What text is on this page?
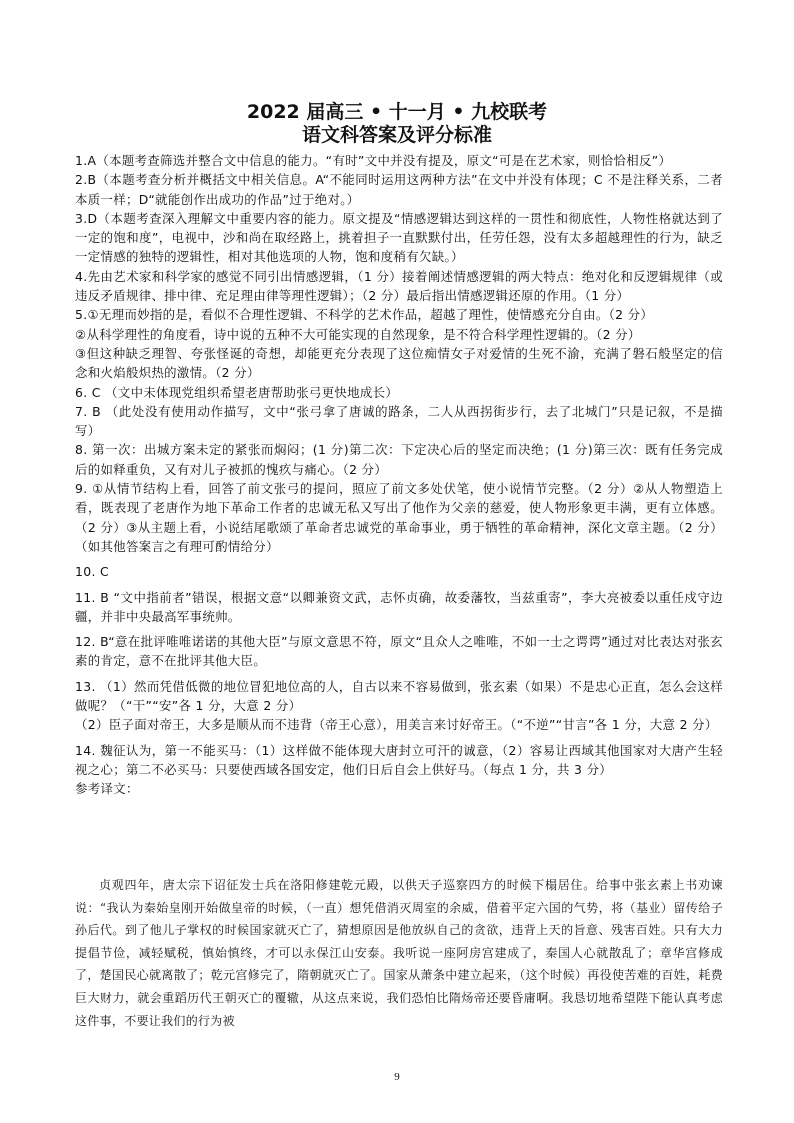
2022 届高三 • 十一月 • 九校联考
语文科答案及评分标准

1.A（本题考查筛选并整合文中信息的能力。“有时”文中并没有提及，原文“可是在艺术家，则恰恰相反”）

2.B（本题考查分析并概括文中相关信息。A“不能同时运用这两种方法”在文中并没有体现；C 不是注释关系，二者本质一样；D“就能创作出成功的作品”过于绝对。）

3.D（本题考查深入理解文中重要内容的能力。原文提及“情感逻辑达到这样的一贯性和彻底性，人物性格就达到了一定的饱和度”，电视中，沙和尚在取经路上，挑着担子一直默默付出，任劳任怨，没有太多超越理性的行为，缺乏一定情感的独特的逻辑性，相对其他选项的人物，饱和度稍有欠缺。）

4.先由艺术家和科学家的感觉不同引出情感逻辑，（1 分）接着阐述情感逻辑的两大特点：绝对化和反逻辑规律（或违反矛盾规律、排中律、充足理由律等理性逻辑）；（2 分）最后指出情感逻辑还原的作用。（1 分）

5.①无理而妙指的是，看似不合理性逻辑、不科学的艺术作品，超越了理性，使情感充分自由。（2 分）

②从科学理性的角度看，诗中说的五种不大可能实现的自然现象，是不符合科学理性逻辑的。（2 分）

③但这种缺乏理智、夸张怪诞的奇想，却能更充分表现了这位痴情女子对爱情的生死不渝，充满了磐石般坚定的信念和火焰般炽热的激情。（2 分）

6. C （文中未体现党组织希望老唐帮助张弓更快地成长）

7. B （此处没有使用动作描写，文中“张弓拿了唐诚的路条，二人从西拐街步行，去了北城门”只是记叙，不是描写）

8. 第一次：出城方案未定的紧张而焖闷；(1 分)第二次：下定决心后的坚定而决绝；(1 分)第三次：既有任务完成后的如释重负，又有对儿子被抓的愧疚与痛心。（2 分）

9. ①从情节结构上看，回答了前文张弓的提问，照应了前文多处伏笔，使小说情节完整。（2 分）②从人物塑造上看，既表现了老唐作为地下革命工作者的忠诚无私又写出了他作为父亲的慈爱，使人物形象更丰满，更有立体感。（2 分）③从主题上看，小说结尾歌颂了革命者忠诚党的革命事业，勇于牺牲的革命精神，深化文章主题。（2 分）（如其他答案言之有理可酌情给分）

10. C

11. B “文中指前者”错误，根据文意“以卿兼资文武，志怀贞确，故委藩牧，当兹重寄”，李大亮被委以重任戍守边疆，并非中央最高军事统帅。

12. B“意在批评唯唯诺诺的其他大臣”与原文意思不符，原文“且众人之唯唯，不如一士之谔谔”通过对比表达对张玄素的肯定，意不在批评其他大臣。

13. （1）然而凭借低微的地位冒犯地位高的人，自古以来不容易做到，张玄素（如果）不是忠心正直，怎么会这样做呢？（“干”“安”各 1 分，大意 2 分）

（2）臣子面对帝王，大多是顺从而不违背（帝王心意），用美言来讨好帝王。（“不逆”“甘言”各 1 分，大意 2 分）

14. 魏征认为，第一不能买马：（1）这样做不能体现大唐封立可汗的诚意，（2）容易让西域其他国家对大唐产生轻视之心；第二不必买马：只要使西域各国安定，他们日后自会上供好马。（每点 1 分，共 3 分）

参考译文：

贞观四年，唐太宗下诏征发士兵在洛阳修建乾元殿，以供天子巡察四方的时候下榻居住。给事中张玄素上书劝谏说：“我认为秦始皇刚开始做皇帝的时候，（一直）想凭借消灭周室的余威，借着平定六国的气势，将（基业）留传给子孙后代。到了他儿子掌权的时候国家就灭亡了，猜想原因是他放纵自己的贪欲，违背上天的旨意、残害百姓。只有大力提倡节俭，减轻赋税，慎始慎终，才可以永保江山安泰。我听说一座阿房宫建成了，秦国人心就散乱了；章华宫修成了，楚国民心就离散了；乾元宫修完了，隋朝就灭亡了。国家从萧条中建立起来，（这个时候）再役使苦难的百姓，耗费巨大财力，就会重蹈历代王朝灭亡的覆辙，从这点来说，我们恐怕比隋炀帝还要昏庸啊。我恳切地希望陛下能认真考虑这件事，不要让我们的行为被

9
